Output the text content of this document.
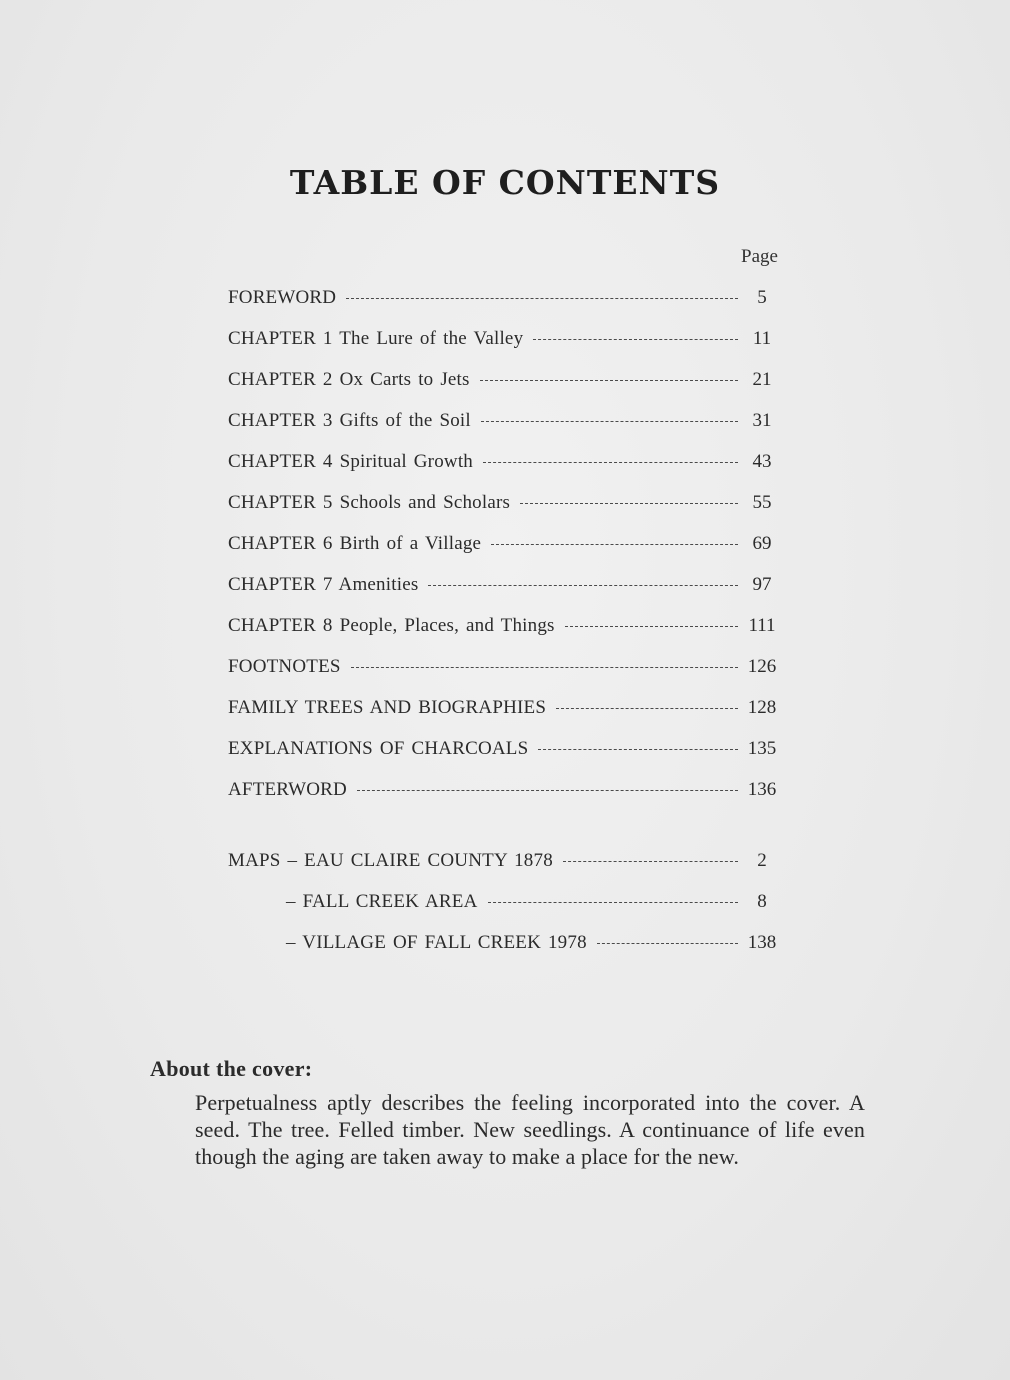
TABLE OF CONTENTS
Page
FOREWORD	5
CHAPTER 1 The Lure of the Valley	11
CHAPTER 2 Ox Carts to Jets	21
CHAPTER 3 Gifts of the Soil	31
CHAPTER 4 Spiritual Growth	43
CHAPTER 5 Schools and Scholars	55
CHAPTER 6 Birth of a Village	69
CHAPTER 7 Amenities	97
CHAPTER 8 People, Places, and Things	111
FOOTNOTES	126
FAMILY TREES AND BIOGRAPHIES	128
EXPLANATIONS OF CHARCOALS	135
AFTERWORD	136
MAPS – EAU CLAIRE COUNTY 1878	2
– FALL CREEK AREA	8
– VILLAGE OF FALL CREEK 1978	138
About the cover:

Perpetualness aptly describes the feeling incorporated into the cover. A seed. The tree. Felled timber. New seedlings. A continuance of life even though the aging are taken away to make a place for the new.
